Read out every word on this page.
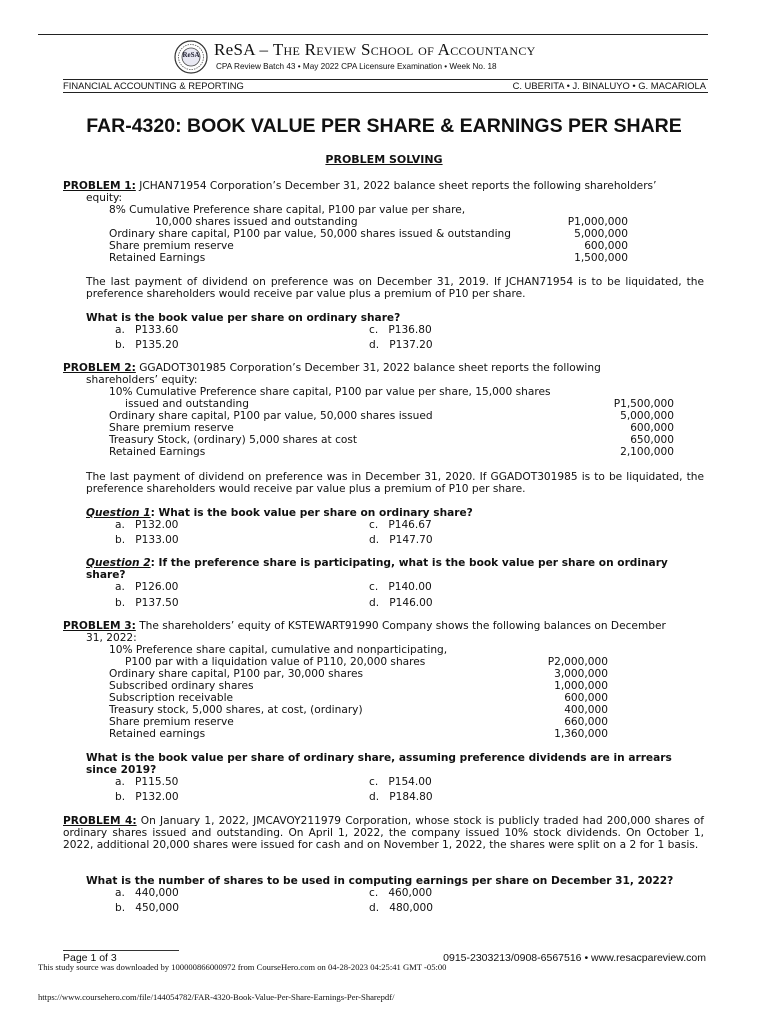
ReSA ReSA – The Review School of Accountancy
CPA Review Batch 43 • May 2022 CPA Licensure Examination • Week No. 18
FINANCIAL ACCOUNTING & REPORTING	C. UBERITA • J. BINALUYO • G. MACARIOLA
FAR-4320: BOOK VALUE PER SHARE & EARNINGS PER SHARE
PROBLEM SOLVING
PROBLEM 1: JCHAN71954 Corporation’s December 31, 2022 balance sheet reports the following shareholders’
equity:
8% Cumulative Preference share capital, P100 par value per share,
10,000 shares issued and outstanding	P1,000,000
Ordinary share capital, P100 par value, 50,000 shares issued & outstanding	5,000,000
Share premium reserve	600,000
Retained Earnings	1,500,000
The last payment of dividend on preference was on December 31, 2019. If JCHAN71954 is to be liquidated, the preference shareholders would receive par value plus a premium of P10 per share.
What is the book value per share on ordinary share?
a. P133.60	c. P136.80
b. P135.20	d. P137.20
PROBLEM 2: GGADOT301985 Corporation’s December 31, 2022 balance sheet reports the following
shareholders’ equity:
10% Cumulative Preference share capital, P100 par value per share, 15,000 shares
issued and outstanding	P1,500,000
Ordinary share capital, P100 par value, 50,000 shares issued	5,000,000
Share premium reserve	600,000
Treasury Stock, (ordinary) 5,000 shares at cost	650,000
Retained Earnings	2,100,000
The last payment of dividend on preference was in December 31, 2020. If GGADOT301985 is to be liquidated, the preference shareholders would receive par value plus a premium of P10 per share.
Question 1: What is the book value per share on ordinary share?
a. P132.00	c. P146.67
b. P133.00	d. P147.70
Question 2: If the preference share is participating, what is the book value per share on ordinary
share?
a. P126.00	c. P140.00
b. P137.50	d. P146.00
PROBLEM 3: The shareholders’ equity of KSTEWART91990 Company shows the following balances on December
31, 2022:
10% Preference share capital, cumulative and nonparticipating,
P100 par with a liquidation value of P110, 20,000 shares	P2,000,000
Ordinary share capital, P100 par, 30,000 shares	3,000,000
Subscribed ordinary shares	1,000,000
Subscription receivable	600,000
Treasury stock, 5,000 shares, at cost, (ordinary)	400,000
Share premium reserve	660,000
Retained earnings	1,360,000
What is the book value per share of ordinary share, assuming preference dividends are in arrears
since 2019?
a. P115.50	c. P154.00
b. P132.00	d. P184.80
PROBLEM 4: On January 1, 2022, JMCAVOY211979 Corporation, whose stock is publicly traded had 200,000 shares of ordinary shares issued and outstanding. On April 1, 2022, the company issued 10% stock dividends. On October 1, 2022, additional 20,000 shares were issued for cash and on November 1, 2022, the shares were split on a 2 for 1 basis.
What is the number of shares to be used in computing earnings per share on December 31, 2022?
a. 440,000	c. 460,000
b. 450,000	d. 480,000
Page 1 of 3	0915-2303213/0908-6567516 • www.resacpareview.com
This study source was downloaded by 100000866000972 from CourseHero.com on 04-28-2023 04:25:41 GMT -05:00
https://www.coursehero.com/file/144054782/FAR-4320-Book-Value-Per-Share-Earnings-Per-Sharepdf/
